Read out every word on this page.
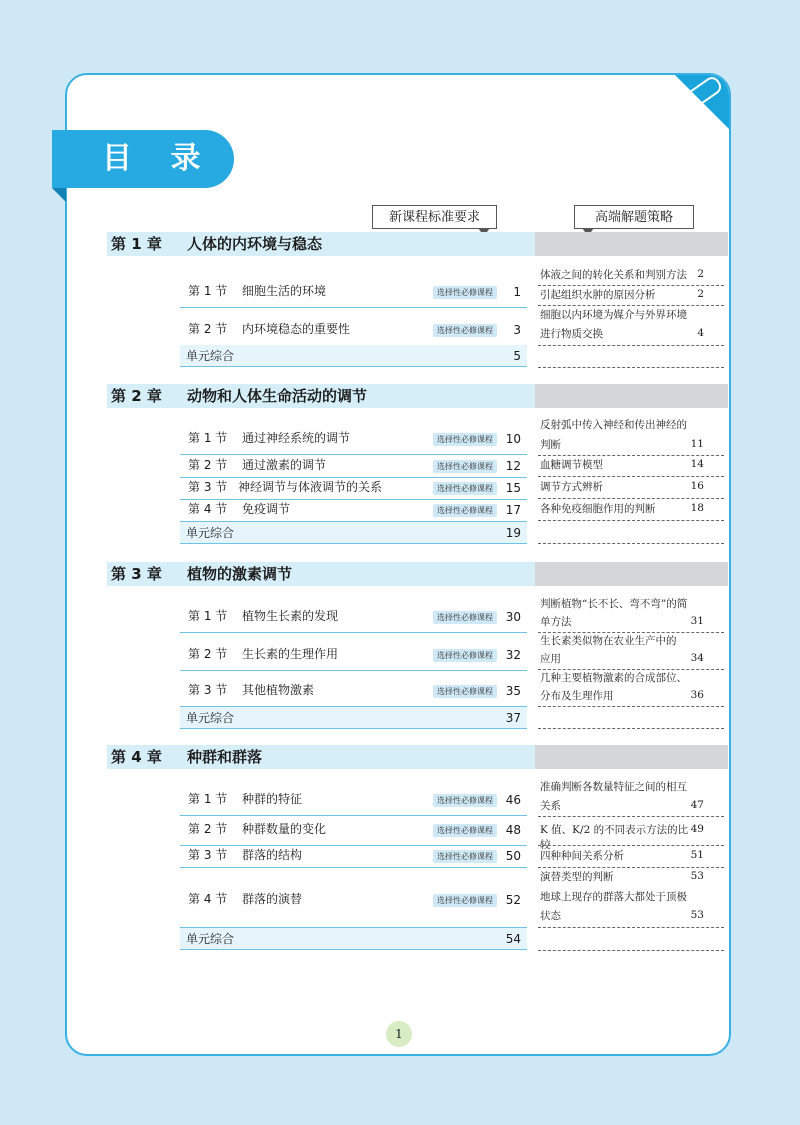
目 录
新课程标准要求	高端解题策略
第 1 章 人体的内环境与稳态
第 1 节 细胞生活的环境	选择性必修课程	1
第 2 节 内环境稳态的重要性	选择性必修课程	3
单元综合	5
体液之间的转化关系和判别方法 2
引起组织水肿的原因分析	2
细胞以内环境为媒介与外界环境
进行物质交换	4
第 2 章 动物和人体生命活动的调节
第 1 节 通过神经系统的调节	选择性必修课程	10
第 2 节 通过激素的调节	选择性必修课程	12
第 3 节 神经调节与体液调节的关系	选择性必修课程	15
第 4 节 免疫调节	选择性必修课程	17
单元综合	19
反射弧中传入神经和传出神经的
判断	11
血糖调节模型	14
调节方式辨析	16
各种免疫细胞作用的判断	18
第 3 章 植物的激素调节
第 1 节 植物生长素的发现	选择性必修课程	30
第 2 节 生长素的生理作用	选择性必修课程	32
第 3 节 其他植物激素	选择性必修课程	35
单元综合	37
判断植物“长不长、弯不弯”的简
单方法	31
生长素类似物在农业生产中的
应用	34
几种主要植物激素的合成部位、
分布及生理作用	36
第 4 章 种群和群落
第 1 节 种群的特征	选择性必修课程	46
第 2 节 种群数量的变化	选择性必修课程	48
第 3 节 群落的结构	选择性必修课程	50
第 4 节 群落的演替	选择性必修课程	52
单元综合	54
准确判断各数量特征之间的相互
关系	47
K 值、K/2 的不同表示方法的比较
49
四种种间关系分析	51
演替类型的判断	53
地球上现存的群落大都处于顶极
状态	53
1
